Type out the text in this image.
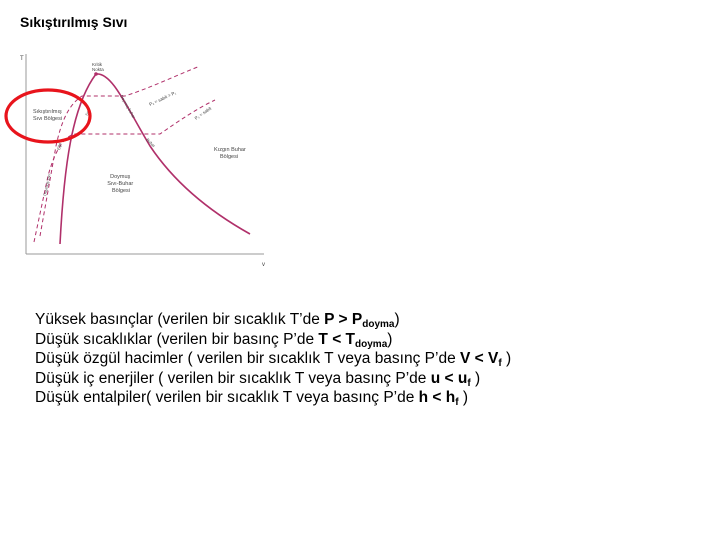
Sıkıştırılmış Sıvı
T
v
Kritik Nokta
Sıkıştırılmış Sıvı Bölgesi
Kızgın Buhar Bölgesi
Doymuş Sıvı-Buhar Bölgesi
Doymuş sıvı
Doymuş buhar	P₂ = sabit > P₁
P₁ = sabit
Sıvı
Buhar
Eğri
Yüksek basınçlar (verilen bir sıcaklık T’de $P > P_{doyma}$)
Düşük sıcaklıklar (verilen bir basınç P’de $T < T_{doyma}$)
Düşük özgül hacimler ( verilen bir sıcaklık T veya basınç P’de $V < V_f$ )
Düşük iç enerjiler ( verilen bir sıcaklık T veya basınç P’de $u < u_f$ )
Düşük entalpiler( verilen bir sıcaklık T veya basınç P’de $h < h_f$ )
